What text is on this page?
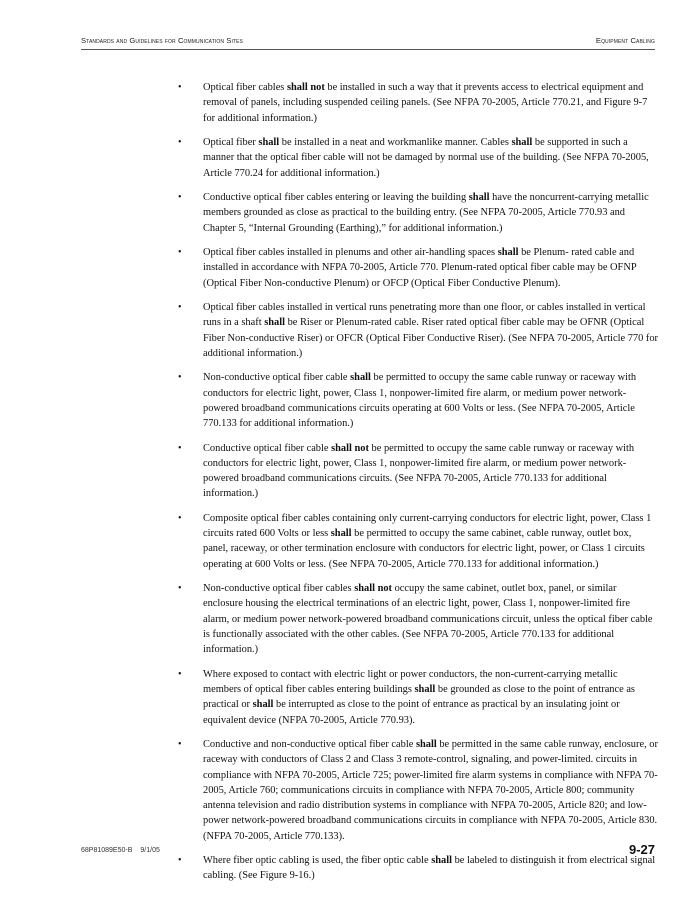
Standards and Guidelines for Communication Sites	Equipment Cabling
• Optical fiber cables shall not be installed in such a way that it prevents access to electrical equipment and removal of panels, including suspended ceiling panels. (See NFPA 70-2005, Article 770.21, and Figure 9-7 for additional information.)
• Optical fiber shall be installed in a neat and workmanlike manner. Cables shall be supported in such a manner that the optical fiber cable will not be damaged by normal use of the building. (See NFPA 70-2005, Article 770.24 for additional information.)
• Conductive optical fiber cables entering or leaving the building shall have the noncurrent-carrying metallic members grounded as close as practical to the building entry. (See NFPA 70-2005, Article 770.93 and Chapter 5, “Internal Grounding (Earthing),” for additional information.)
• Optical fiber cables installed in plenums and other air-handling spaces shall be Plenum- rated cable and installed in accordance with NFPA 70-2005, Article 770. Plenum-rated optical fiber cable may be OFNP (Optical Fiber Non-conductive Plenum) or OFCP (Optical Fiber Conductive Plenum).
• Optical fiber cables installed in vertical runs penetrating more than one floor, or cables installed in vertical runs in a shaft shall be Riser or Plenum-rated cable. Riser rated optical fiber cable may be OFNR (Optical Fiber Non-conductive Riser) or OFCR (Optical Fiber Conductive Riser). (See NFPA 70-2005, Article 770 for additional information.)
• Non-conductive optical fiber cable shall be permitted to occupy the same cable runway or raceway with conductors for electric light, power, Class 1, nonpower-limited fire alarm, or medium power network-powered broadband communications circuits operating at 600 Volts or less. (See NFPA 70-2005, Article 770.133 for additional information.)
• Conductive optical fiber cable shall not be permitted to occupy the same cable runway or raceway with conductors for electric light, power, Class 1, nonpower-limited fire alarm, or medium power network-powered broadband communications circuits. (See NFPA 70-2005, Article 770.133 for additional information.)
• Composite optical fiber cables containing only current-carrying conductors for electric light, power, Class 1 circuits rated 600 Volts or less shall be permitted to occupy the same cabinet, cable runway, outlet box, panel, raceway, or other termination enclosure with conductors for electric light, power, or Class 1 circuits operating at 600 Volts or less. (See NFPA 70-2005, Article 770.133 for additional information.)
• Non-conductive optical fiber cables shall not occupy the same cabinet, outlet box, panel, or similar enclosure housing the electrical terminations of an electric light, power, Class 1, nonpower-limited fire alarm, or medium power network-powered broadband communications circuit, unless the optical fiber cable is functionally associated with the other cables. (See NFPA 70-2005, Article 770.133 for additional information.)
• Where exposed to contact with electric light or power conductors, the non-current-carrying metallic members of optical fiber cables entering buildings shall be grounded as close to the point of entrance as practical or shall be interrupted as close to the point of entrance as practical by an insulating joint or equivalent device (NFPA 70-2005, Article 770.93).
• Conductive and non-conductive optical fiber cable shall be permitted in the same cable runway, enclosure, or raceway with conductors of Class 2 and Class 3 remote-control, signaling, and power-limited. circuits in compliance with NFPA 70-2005, Article 725; power-limited fire alarm systems in compliance with NFPA 70-2005, Article 760; communications circuits in compliance with NFPA 70-2005, Article 800; community antenna television and radio distribution systems in compliance with NFPA 70-2005, Article 820; and low-power network-powered broadband communications circuits in compliance with NFPA 70-2005, Article 830. (NFPA 70-2005, Article 770.133).
• Where fiber optic cabling is used, the fiber optic cable shall be labeled to distinguish it from electrical signal cabling. (See Figure 9-16.)
68P81089E50-B 9/1/05	9-27
